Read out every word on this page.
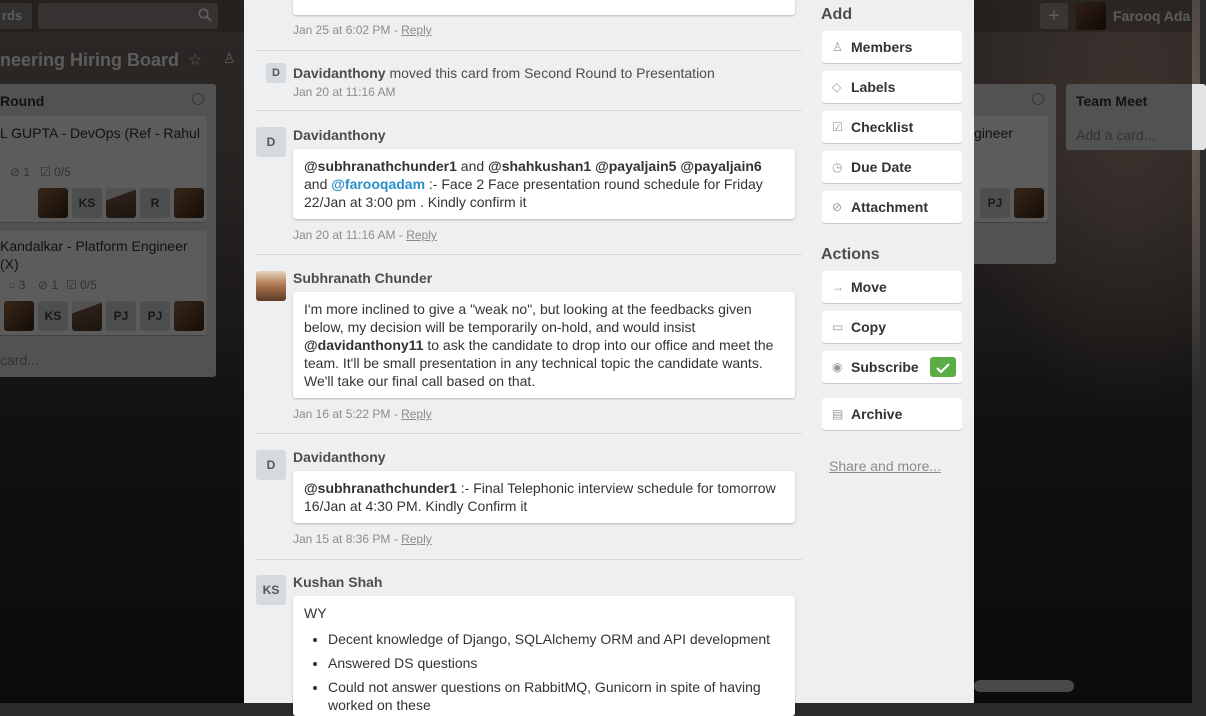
Jan 25 at 6:02 PM - Reply
D Davidanthony moved this card from Second Round to Presentation
Jan 20 at 11:16 AM
D	Davidanthony
@subhranathchunder1 and @shahkushan1 @payaljain5 @payaljain6 and @farooqadam :- Face 2 Face presentation round schedule for Friday 22/Jan at 3:00 pm . Kindly confirm it
Jan 20 at 11:16 AM - Reply
Subhranath Chunder
I'm more inclined to give a "weak no", but looking at the feedbacks given below, my decision will be temporarily on-hold, and would insist @davidanthony11 to ask the candidate to drop into our office and meet the team. It'll be small presentation in any technical topic the candidate wants. We'll take our final call based on that.
Jan 16 at 5:22 PM - Reply
D	Davidanthony
@subhranathchunder1 :- Final Telephonic interview schedule for tomorrow 16/Jan at 4:30 PM. Kindly Confirm it
Jan 15 at 8:36 PM - Reply
KS Kushan Shah
WY
• Decent knowledge of Django, SQLAlchemy ORM and API development
• Answered DS questions
• Could not answer questions on RabbitMQ, Gunicorn in spite of having
worked on these
Add
♙ Members
◇ Labels
☑ Checklist
◷ Due Date
⊘ Attachment
Actions
→ Move
▭ Copy
◉ Subscribe
▤ Archive
Share and more...
